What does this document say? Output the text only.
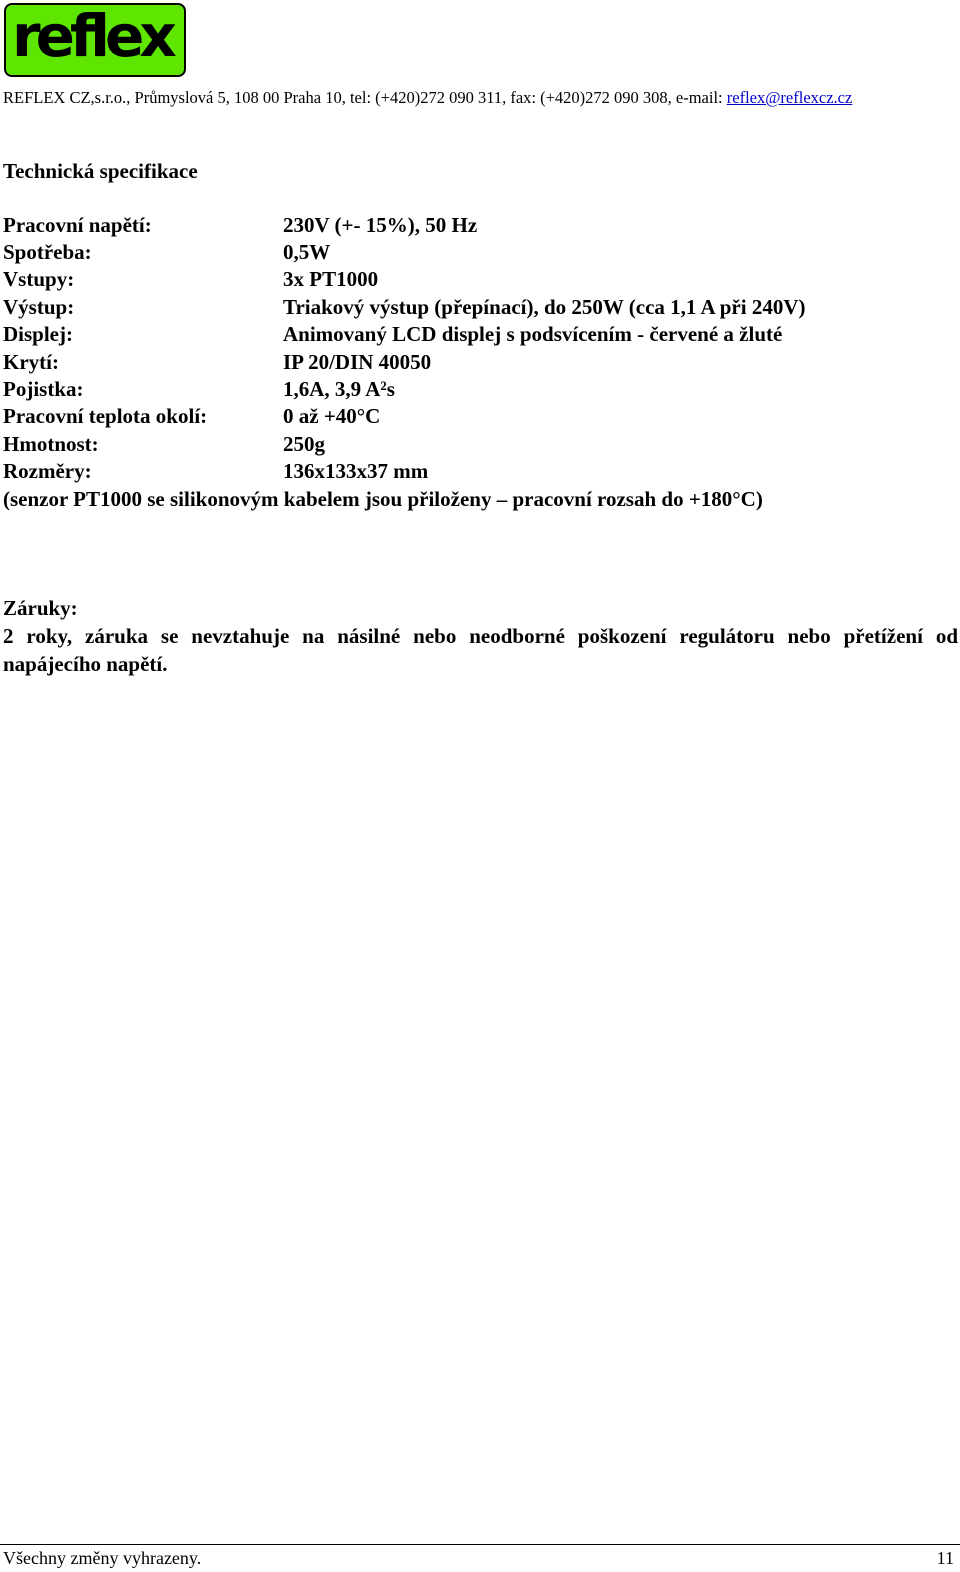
reflex
REFLEX CZ,s.r.o., Průmyslová 5, 108 00 Praha 10, tel: (+420)272 090 311, fax: (+420)272 090 308, e-mail: reflex@reflexcz.cz
Technická specifikace
Pracovní napětí:	230V (+- 15%), 50 Hz
Spotřeba:	0,5W
Vstupy:	3x PT1000
Výstup:	Triakový výstup (přepínací), do 250W (cca 1,1 A při 240V)
Displej:	Animovaný LCD displej s podsvícením - červené a žluté
Krytí:	IP 20/DIN 40050
Pojistka:	1,6A, 3,9 A²s
Pracovní teplota okolí:	0 až +40°C
Hmotnost:	250g
Rozměry:	136x133x37 mm
(senzor PT1000 se silikonovým kabelem jsou přiloženy – pracovní rozsah do +180°C)
Záruky:
2 roky, záruka se nevztahuje na násilné nebo neodborné poškození regulátoru nebo přetížení od napájecího napětí.
Všechny změny vyhrazeny.	11
